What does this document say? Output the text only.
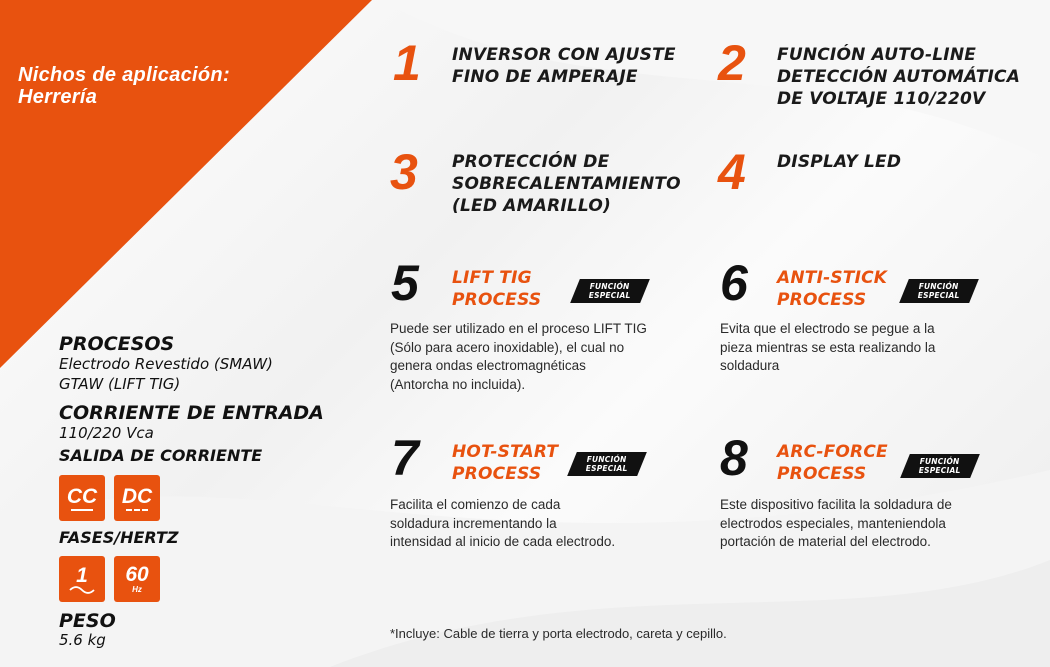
Nichos de aplicación:
Herrería
1 INVERSOR CON AJUSTE
FINO DE AMPERAJE	2 FUNCIÓN AUTO-LINE
DETECCIÓN AUTOMÁTICA
DE VOLTAJE 110/220V
3 PROTECCIÓN DE
SOBRECALENTAMIENTO
(LED AMARILLO)
4 DISPLAY LED
5 LIFT TIG
PROCESS
FUNCIÓN
ESPECIAL
Puede ser utilizado en el proceso LIFT TIG
(Sólo para acero inoxidable), el cual no
genera ondas electromagnéticas
(Antorcha no incluida).
6 ANTI-STICK
PROCESS
FUNCIÓN
ESPECIAL
Evita que el electrodo se pegue a la
pieza mientras se esta realizando la
soldadura
7 HOT-START
PROCESS
FUNCIÓN
ESPECIAL
Facilita el comienzo de cada
soldadura incrementando la
intensidad al inicio de cada electrodo.
8 ARC-FORCE
PROCESS
FUNCIÓN
ESPECIAL
Este dispositivo facilita la soldadura de
electrodos especiales, manteniendola
portación de material del electrodo.
PROCESOS
Electrodo Revestido (SMAW)
GTAW (LIFT TIG)
CORRIENTE DE ENTRADA
110/220 Vca
SALIDA DE CORRIENTE
CC DC
FASES/HERTZ
1 60
Hz
PESO
5.6 kg	*Incluye: Cable de tierra y porta electrodo, careta y cepillo.
